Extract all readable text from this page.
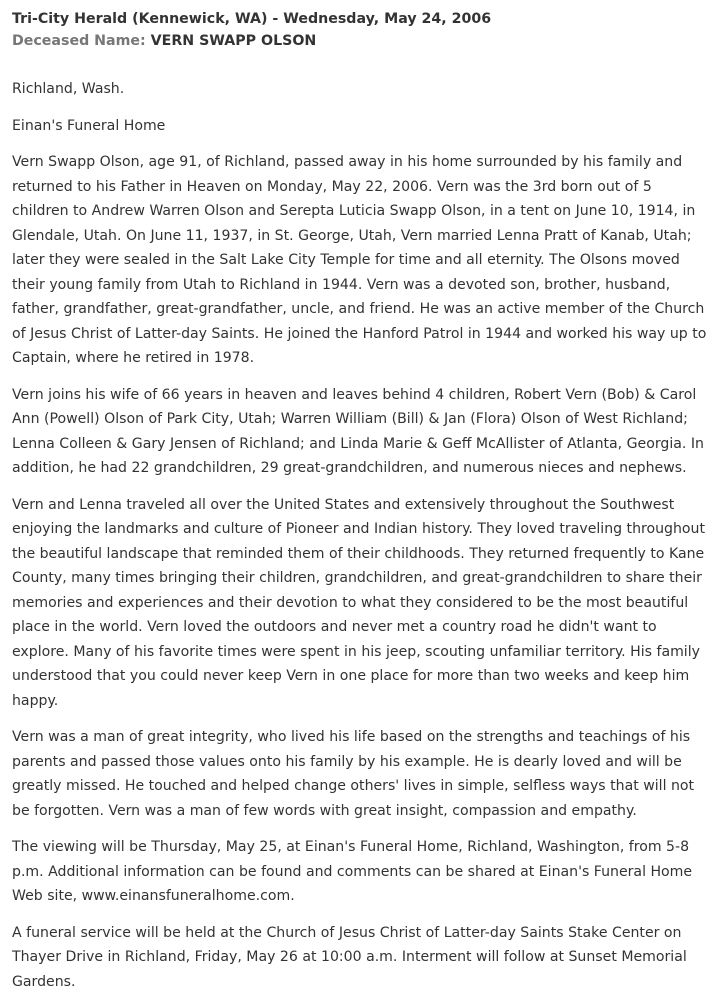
Tri-City Herald (Kennewick, WA) - Wednesday, May 24, 2006
Deceased Name: VERN SWAPP OLSON

Richland, Wash.

Einan's Funeral Home

Vern Swapp Olson, age 91, of Richland, passed away in his home surrounded by his family and returned to his Father in Heaven on Monday, May 22, 2006. Vern was the 3rd born out of 5 children to Andrew Warren Olson and Serepta Luticia Swapp Olson, in a tent on June 10, 1914, in Glendale, Utah. On June 11, 1937, in St. George, Utah, Vern married Lenna Pratt of Kanab, Utah; later they were sealed in the Salt Lake City Temple for time and all eternity. The Olsons moved their young family from Utah to Richland in 1944. Vern was a devoted son, brother, husband, father, grandfather, great-grandfather, uncle, and friend. He was an active member of the Church of Jesus Christ of Latter-day Saints. He joined the Hanford Patrol in 1944 and worked his way up to Captain, where he retired in 1978.

Vern joins his wife of 66 years in heaven and leaves behind 4 children, Robert Vern (Bob) & Carol Ann (Powell) Olson of Park City, Utah; Warren William (Bill) & Jan (Flora) Olson of West Richland; Lenna Colleen & Gary Jensen of Richland; and Linda Marie & Geff McAllister of Atlanta, Georgia. In addition, he had 22 grandchildren, 29 great-grandchildren, and numerous nieces and nephews.

Vern and Lenna traveled all over the United States and extensively throughout the Southwest enjoying the landmarks and culture of Pioneer and Indian history. They loved traveling throughout the beautiful landscape that reminded them of their childhoods. They returned frequently to Kane County, many times bringing their children, grandchildren, and great-grandchildren to share their memories and experiences and their devotion to what they considered to be the most beautiful place in the world. Vern loved the outdoors and never met a country road he didn't want to explore. Many of his favorite times were spent in his jeep, scouting unfamiliar territory. His family understood that you could never keep Vern in one place for more than two weeks and keep him happy.

Vern was a man of great integrity, who lived his life based on the strengths and teachings of his parents and passed those values onto his family by his example. He is dearly loved and will be greatly missed. He touched and helped change others' lives in simple, selfless ways that will not be forgotten. Vern was a man of few words with great insight, compassion and empathy.

The viewing will be Thursday, May 25, at Einan's Funeral Home, Richland, Washington, from 5-8 p.m. Additional information can be found and comments can be shared at Einan's Funeral Home Web site, www.einansfuneralhome.com.

A funeral service will be held at the Church of Jesus Christ of Latter-day Saints Stake Center on Thayer Drive in Richland, Friday, May 26 at 10:00 a.m. Interment will follow at Sunset Memorial Gardens.
